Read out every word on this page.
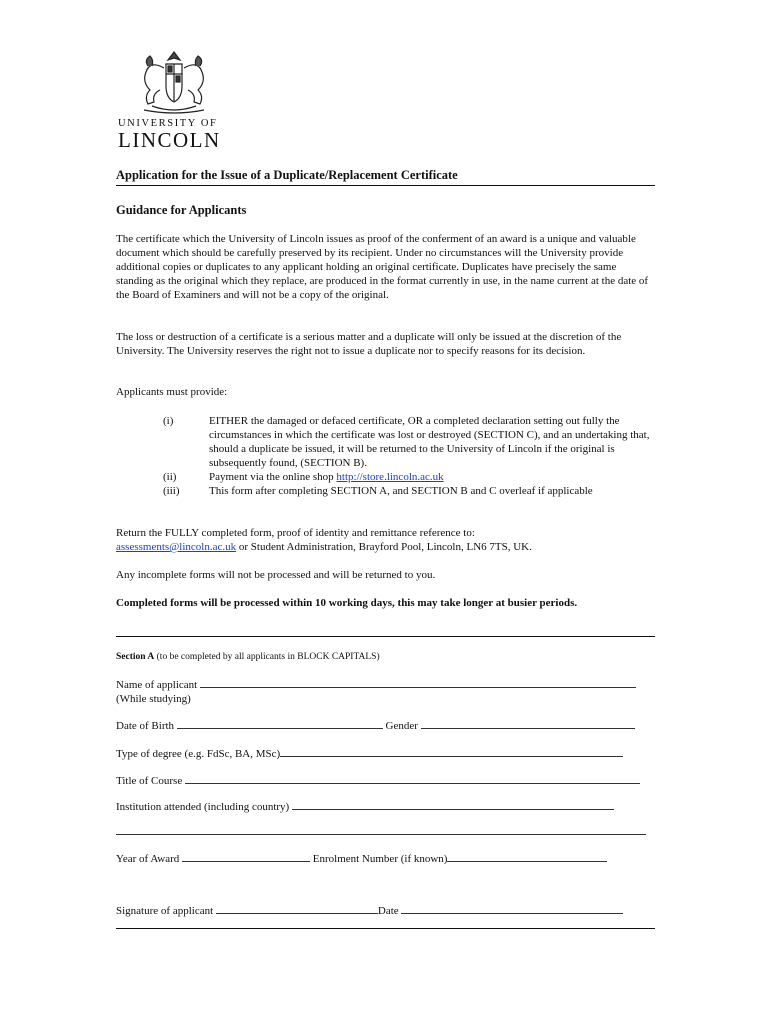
UNIVERSITY OF
LINCOLN
Application for the Issue of a Duplicate/Replacement Certificate
Guidance for Applicants
The certificate which the University of Lincoln issues as proof of the conferment of an award is a unique and valuable document which should be carefully preserved by its recipient. Under no circumstances will the University provide additional copies or duplicates to any applicant holding an original certificate. Duplicates have precisely the same standing as the original which they replace, are produced in the format currently in use, in the name current at the date of the Board of Examiners and will not be a copy of the original.
The loss or destruction of a certificate is a serious matter and a duplicate will only be issued at the discretion of the University. The University reserves the right not to issue a duplicate nor to specify reasons for its decision.
Applicants must provide:
(i)	EITHER the damaged or defaced certificate, OR a completed declaration setting out fully the circumstances in which the certificate was lost or destroyed (SECTION C), and an undertaking that, should a duplicate be issued, it will be returned to the University of Lincoln if the original is subsequently found, (SECTION B).
(ii)	Payment via the online shop http://store.lincoln.ac.uk
(iii)	This form after completing SECTION A, and SECTION B and C overleaf if applicable
Return the FULLY completed form, proof of identity and remittance reference to:
assessments@lincoln.ac.uk or Student Administration, Brayford Pool, Lincoln, LN6 7TS, UK.
Any incomplete forms will not be processed and will be returned to you.
Completed forms will be processed within 10 working days, this may take longer at busier periods.
Section A (to be completed by all applicants in BLOCK CAPITALS)
Name of applicant
(While studying)
Date of Birth	Gender
Type of degree (e.g. FdSc, BA, MSc)
Title of Course
Institution attended (including country)
Year of Award	Enrolment Number (if known)
Signature of applicant	Date
